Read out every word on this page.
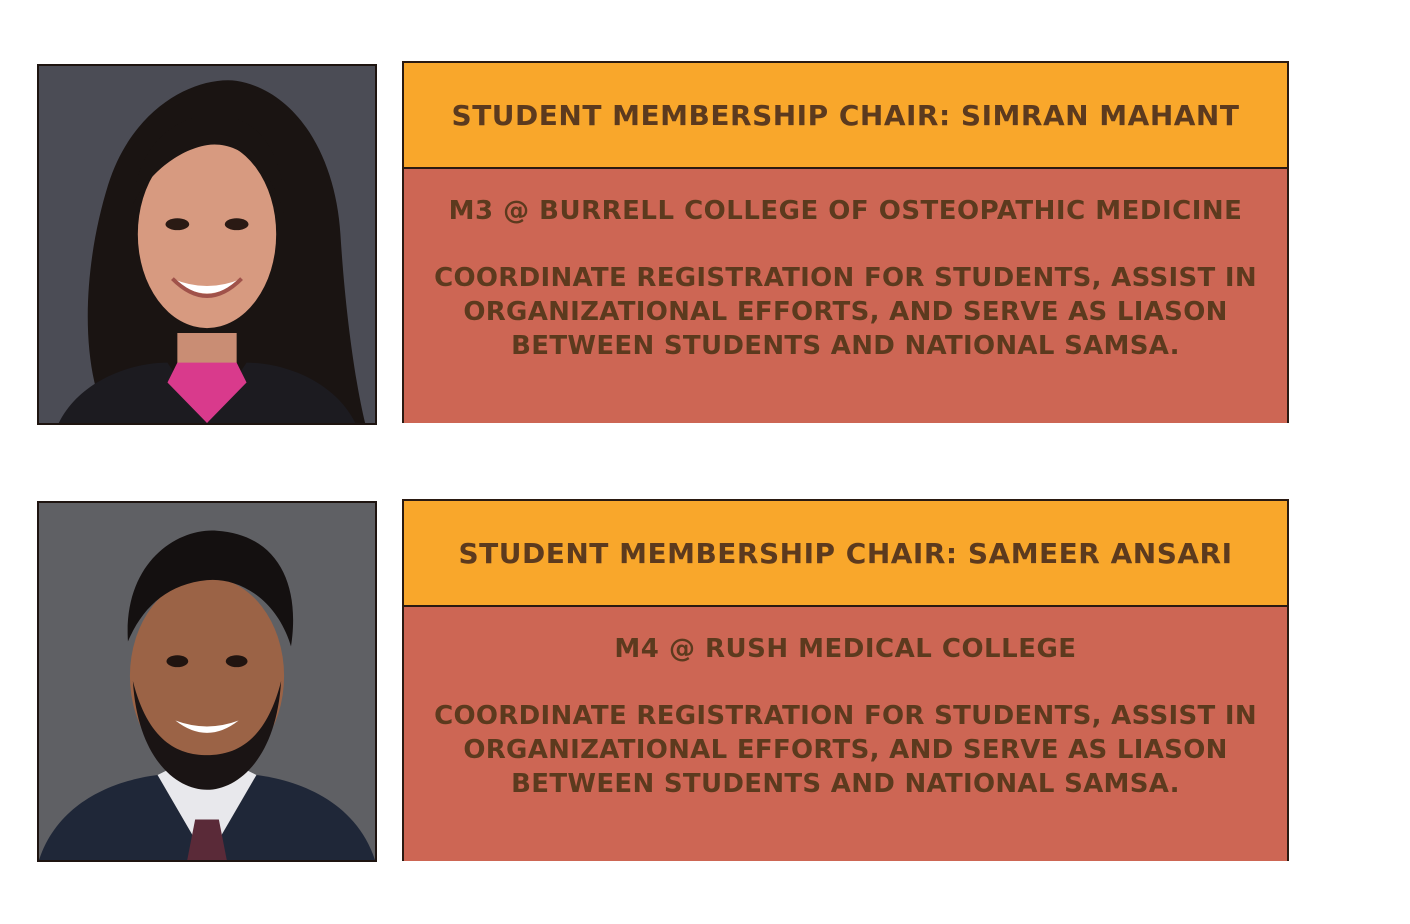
STUDENT MEMBERSHIP CHAIR: SIMRAN MAHANT
M3 @ BURRELL COLLEGE OF OSTEOPATHIC MEDICINE
COORDINATE REGISTRATION FOR STUDENTS, ASSIST IN ORGANIZATIONAL EFFORTS, AND SERVE AS LIASON BETWEEN STUDENTS AND NATIONAL SAMSA.
STUDENT MEMBERSHIP CHAIR: SAMEER ANSARI
M4 @ RUSH MEDICAL COLLEGE
COORDINATE REGISTRATION FOR STUDENTS, ASSIST IN ORGANIZATIONAL EFFORTS, AND SERVE AS LIASON BETWEEN STUDENTS AND NATIONAL SAMSA.
